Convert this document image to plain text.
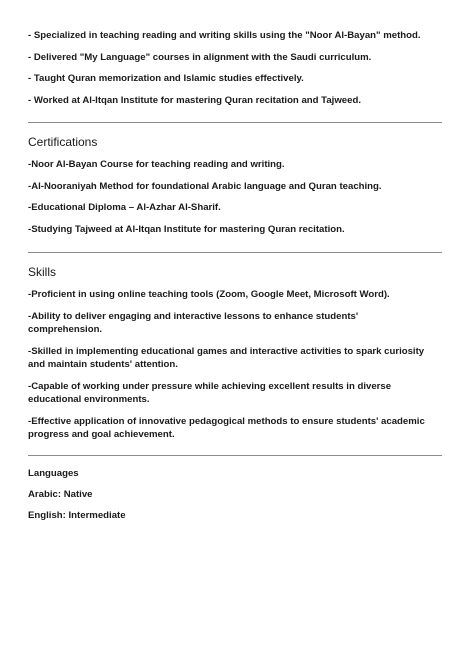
- Specialized in teaching reading and writing skills using the "Noor Al-Bayan" method.

- Delivered "My Language" courses in alignment with the Saudi curriculum.

- Taught Quran memorization and Islamic studies effectively.

- Worked at Al-Itqan Institute for mastering Quran recitation and Tajweed.

Certifications

-Noor Al-Bayan Course for teaching reading and writing.

-Al-Nooraniyah Method for foundational Arabic language and Quran teaching.

-Educational Diploma – Al-Azhar Al-Sharif.

-Studying Tajweed at Al-Itqan Institute for mastering Quran recitation.

Skills

-Proficient in using online teaching tools (Zoom, Google Meet, Microsoft Word).

-Ability to deliver engaging and interactive lessons to enhance students' comprehension.

-Skilled in implementing educational games and interactive activities to spark curiosity and maintain students' attention.

-Capable of working under pressure while achieving excellent results in diverse educational environments.

-Effective application of innovative pedagogical methods to ensure students' academic progress and goal achievement.

Languages

Arabic: Native

English: Intermediate
